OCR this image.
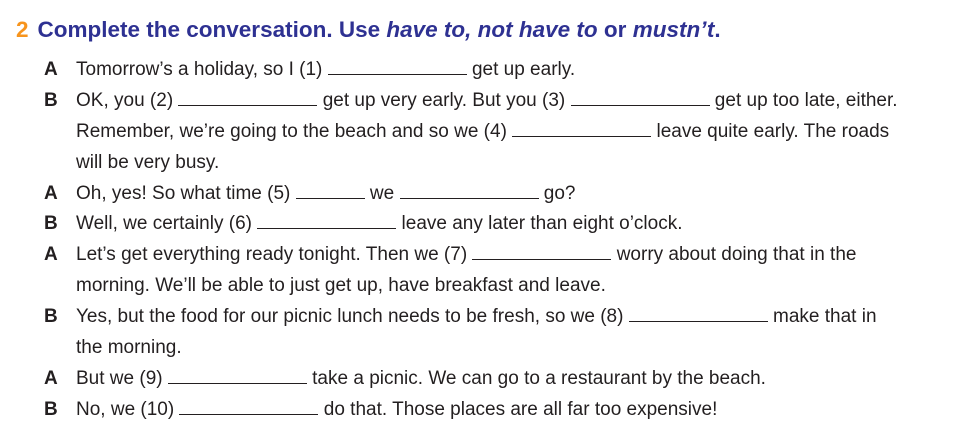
2 Complete the conversation. Use have to, not have to or mustn’t.
A Tomorrow’s a holiday, so I (1)	get up early.
B OK, you (2)	get up very early. But you (3)	get up too late, either.
Remember, we’re going to the beach and so we (4)	leave quite early. The roads
will be very busy.
A Oh, yes! So what time (5)	we	go?
B Well, we certainly (6)	leave any later than eight o’clock.
A Let’s get everything ready tonight. Then we (7)	worry about doing that in the
morning. We’ll be able to just get up, have breakfast and leave.
B Yes, but the food for our picnic lunch needs to be fresh, so we (8)	make that in
the morning.
A But we (9)	take a picnic. We can go to a restaurant by the beach.
B No, we (10)	do that. Those places are all far too expensive!
